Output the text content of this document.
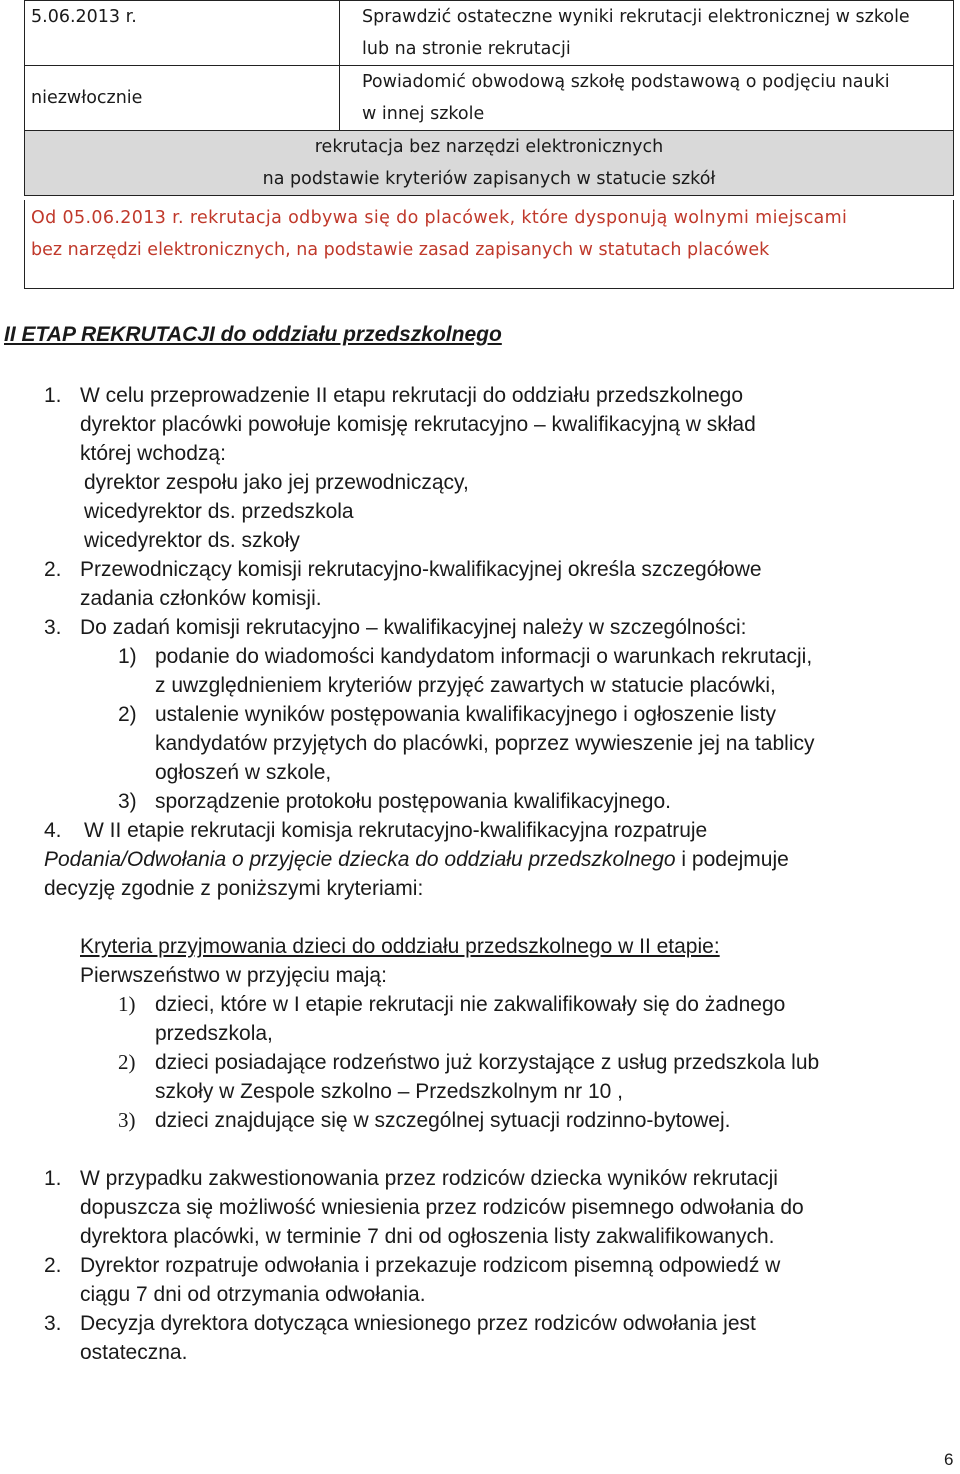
5.06.2013 r.	Sprawdzić ostateczne wyniki rekrutacji elektronicznej w szkole
lub na stronie rekrutacji

niezwłocznie	Powiadomić obwodową szkołę podstawową o podjęciu nauki
w innej szkole

rekrutacja bez narzędzi elektronicznych
na podstawie kryteriów zapisanych w statucie szkół	
Od 05.06.2013 r. rekrutacja odbywa się do placówek, które dysponują wolnymi miejscami
bez narzędzi elektronicznych, na podstawie zasad zapisanych w statutach placówek
II ETAP REKRUTACJI do oddziału przedszkolnego
1. W celu przeprowadzenie II etapu rekrutacji do oddziału przedszkolnego
dyrektor placówki powołuje komisję rekrutacyjno – kwalifikacyjną w skład
której wchodzą:
dyrektor zespołu jako jej przewodniczący,
wicedyrektor ds. przedszkola
wicedyrektor ds. szkoły
2. Przewodniczący komisji rekrutacyjno-kwalifikacyjnej określa szczegółowe
zadania członków komisji.
3. Do zadań komisji rekrutacyjno – kwalifikacyjnej należy w szczególności:
1) podanie do wiadomości kandydatom informacji o warunkach rekrutacji,
z uwzględnieniem kryteriów przyjęć zawartych w statucie placówki,
2) ustalenie wyników postępowania kwalifikacyjnego i ogłoszenie listy
kandydatów przyjętych do placówki, poprzez wywieszenie jej na tablicy
ogłoszeń w szkole,
3) sporządzenie protokołu postępowania kwalifikacyjnego.
4. W II etapie rekrutacji komisja rekrutacyjno-kwalifikacyjna rozpatruje
Podania/Odwołania o przyjęcie dziecka do oddziału przedszkolnego i podejmuje
decyzję zgodnie z poniższymi kryteriami:
Kryteria przyjmowania dzieci do oddziału przedszkolnego w II etapie:
Pierwszeństwo w przyjęciu mają:
1) dzieci, które w I etapie rekrutacji nie zakwalifikowały się do żadnego
przedszkola,
2) dzieci posiadające rodzeństwo już korzystające z usług przedszkola lub
szkoły w Zespole szkolno – Przedszkolnym nr 10 ,
3) dzieci znajdujące się w szczególnej sytuacji rodzinno-bytowej.
1. W przypadku zakwestionowania przez rodziców dziecka wyników rekrutacji
dopuszcza się możliwość wniesienia przez rodziców pisemnego odwołania do
dyrektora placówki, w terminie 7 dni od ogłoszenia listy zakwalifikowanych.
2. Dyrektor rozpatruje odwołania i przekazuje rodzicom pisemną odpowiedź w
ciągu 7 dni od otrzymania odwołania.
3. Decyzja dyrektora dotycząca wniesionego przez rodziców odwołania jest
ostateczna.
6
